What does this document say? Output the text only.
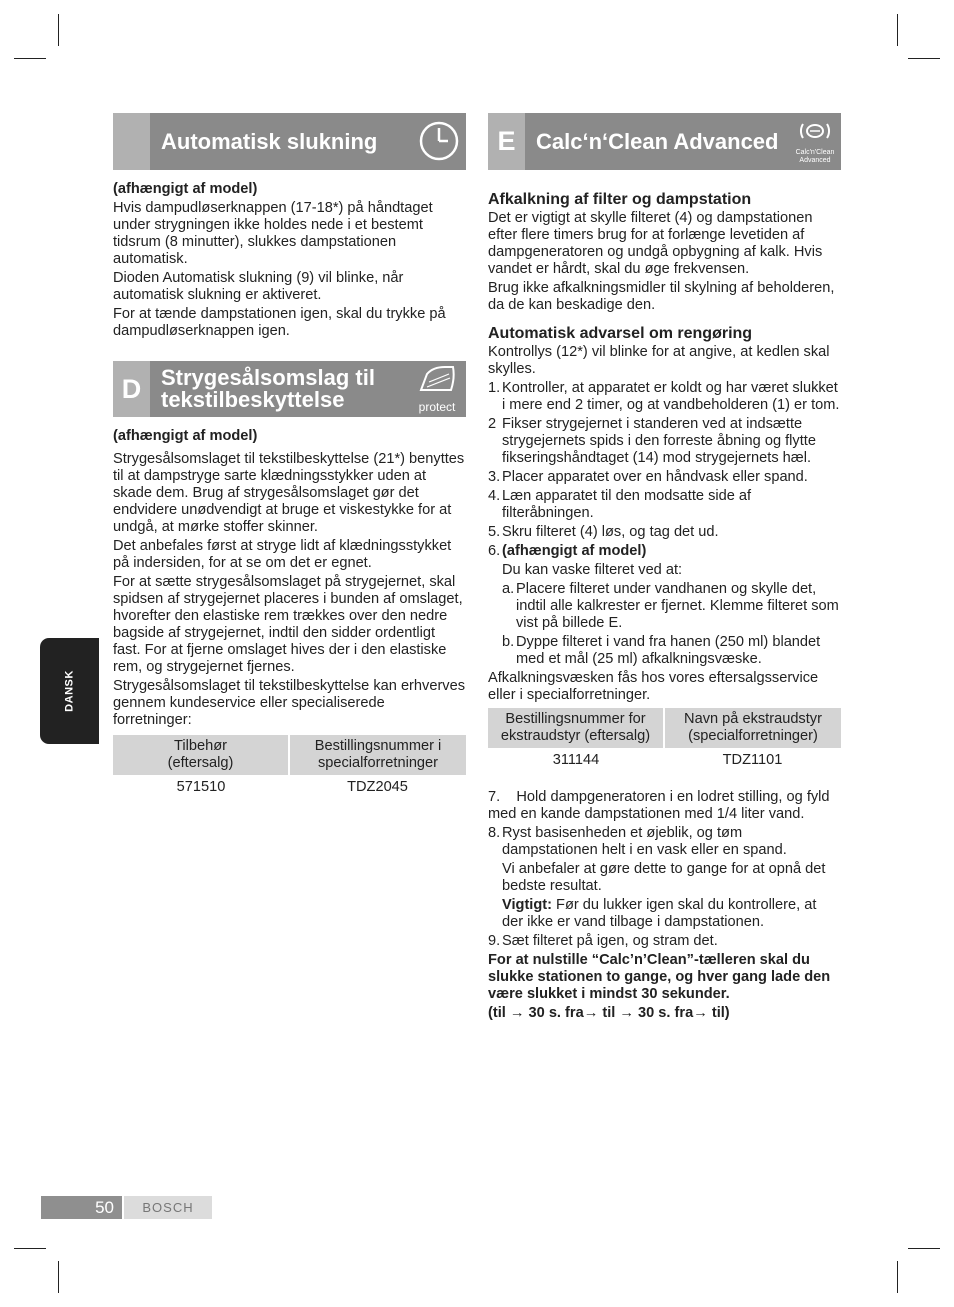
DANSK
Automatisk slukning

(afhængigt af model)

Hvis dampudløserknappen (17-18*) på håndtaget under strygningen ikke holdes nede i et bestemt tidsrum (8 minutter), slukkes dampstationen automatisk.

Dioden Automatisk slukning (9) vil blinke, når automatisk slukning er aktiveret.

For at tænde dampstationen igen, skal du trykke på dampudløserknappen igen.

D Strygesålsomslag til
tekstilbeskyttelse	protect

(afhængigt af model)

Strygesålsomslaget til tekstilbeskyttelse (21*) benyttes til at dampstryge sarte klædningsstykker uden at skade dem. Brug af strygesålsomslaget gør det endvidere unødvendigt at bruge et viskestykke for at undgå, at mørke stoffer skinner.

Det anbefales først at stryge lidt af klædningsstykket på indersiden, for at se om det er egnet.

For at sætte strygesålsomslaget på strygejernet, skal spidsen af strygejernet placeres i bunden af omslaget, hvorefter den elastiske rem trækkes over den nedre bagside af strygejernet, indtil den sidder ordentligt fast. For at fjerne omslaget hives der i den elastiske rem, og strygejernet fjernes.

Strygesålsomslaget til tekstilbeskyttelse kan erhverves gennem kundeservice eller specialiserede forretninger:

Tilbehør
(eftersalg)	Bestillingsnummer i specialforretninger
571510	TDZ2045
E Calc‘n‘Clean Advanced	Calc'n'Clean
Advanced

Afkalkning af filter og dampstation

Det er vigtigt at skylle filteret (4) og dampstationen efter flere timers brug for at forlænge levetiden af dampgeneratoren og undgå opbygning af kalk. Hvis vandet er hårdt, skal du øge frekvensen.

Brug ikke afkalkningsmidler til skylning af beholderen, da de kan beskadige den.

Automatisk advarsel om rengøring

Kontrollys (12*) vil blinke for at angive, at kedlen skal skylles.

1. Kontroller, at apparatet er koldt og har været slukket i mere end 2 timer, og at vandbeholderen (1) er tom.
2 Fikser strygejernet i standeren ved at indsætte strygejernets spids i den forreste åbning og flytte fikseringshåndtaget (14) mod strygejernets hæl.
3. Placer apparatet over en håndvask eller spand.
4. Læn apparatet til den modsatte side af filteråbningen.
5. Skru filteret (4) løs, og tag det ud.
6. (afhængigt af model)
Du kan vaske filteret ved at:
a. Placere filteret under vandhanen og skylle det, indtil alle kalkrester er fjernet. Klemme filteret som vist på billede E.
b. Dyppe filteret i vand fra hanen (250 ml) blandet med et mål (25 ml) afkalkningsvæske.

Afkalkningsvæsken fås hos vores eftersalgsservice eller i specialforretninger.

Bestillingsnummer for ekstraudstyr (eftersalg)	Navn på ekstraudstyr (specialforretninger)
311144	TDZ1101

7.    Hold dampgeneratoren i en lodret stilling, og fyld med en kande dampstationen med 1/4 liter vand.

8. Ryst basisenheden et øjeblik, og tøm dampstationen helt i en vask eller en spand.
Vi anbefaler at gøre dette to gange for at opnå det bedste resultat.
Vigtigt: Før du lukker igen skal du kontrollere, at der ikke er vand tilbage i dampstationen.
9. Sæt filteret på igen, og stram det.

For at nulstille “Calc’n’Clean”-tælleren skal du slukke stationen to gange, og hver gang lade den være slukket i mindst 30 sekunder.

(til → 30 s. fra→ til → 30 s. fra→ til)

50	BOSCH
